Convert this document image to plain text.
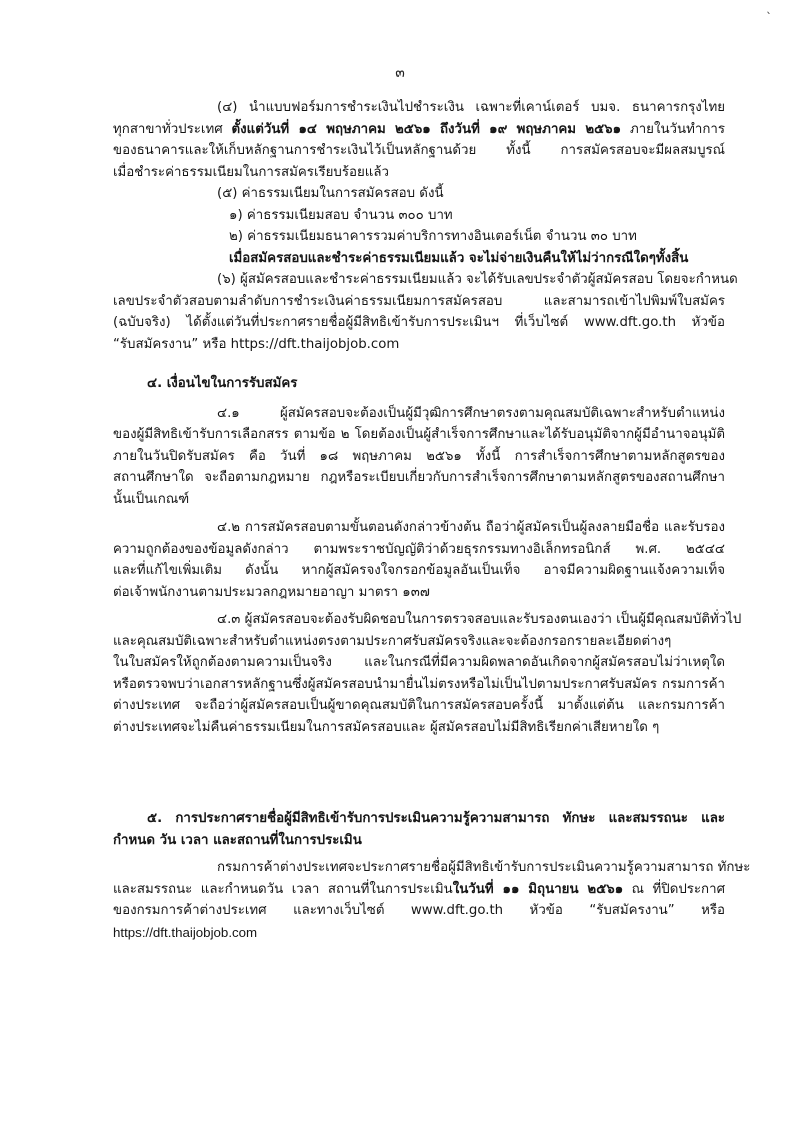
ˎ
๓
(๔) นำแบบฟอร์มการชำระเงินไปชำระเงิน เฉพาะที่เคาน์เตอร์ บมจ. ธนาคารกรุงไทย
ทุกสาขาทั่วประเทศ ตั้งแต่วันที่ ๑๔ พฤษภาคม ๒๕๖๑ ถึงวันที่ ๑๙ พฤษภาคม ๒๕๖๑ ภายในวันทำการ
ของธนาคารและให้เก็บหลักฐานการชำระเงินไว้เป็นหลักฐานด้วย ทั้งนี้ การสมัครสอบจะมีผลสมบูรณ์
เมื่อชำระค่าธรรมเนียมในการสมัครเรียบร้อยแล้ว
(๕) ค่าธรรมเนียมในการสมัครสอบ ดังนี้
๑) ค่าธรรมเนียมสอบ จำนวน ๓๐๐ บาท
๒) ค่าธรรมเนียมธนาคารรวมค่าบริการทางอินเตอร์เน็ต จำนวน ๓๐ บาท
เมื่อสมัครสอบและชำระค่าธรรมเนียมแล้ว จะไม่จ่ายเงินคืนให้ไม่ว่ากรณีใดๆทั้งสิ้น
(๖) ผู้สมัครสอบและชำระค่าธรรมเนียมแล้ว จะได้รับเลขประจำตัวผู้สมัครสอบ โดยจะกำหนด
เลขประจำตัวสอบตามลำดับการชำระเงินค่าธรรมเนียมการสมัครสอบ และสามารถเข้าไปพิมพ์ใบสมัคร
(ฉบับจริง) ได้ตั้งแต่วันที่ประกาศรายชื่อผู้มีสิทธิเข้ารับการประเมินฯ ที่เว็บไซต์ www.dft.go.th หัวข้อ
“รับสมัครงาน” หรือ https://dft.thaijobjob.com
๔. เงื่อนไขในการรับสมัคร
๔.๑ ผู้สมัครสอบจะต้องเป็นผู้มีวุฒิการศึกษาตรงตามคุณสมบัติเฉพาะสำหรับตำแหน่ง
ของผู้มีสิทธิเข้ารับการเลือกสรร ตามข้อ ๒ โดยต้องเป็นผู้สำเร็จการศึกษาและได้รับอนุมัติจากผู้มีอำนาจอนุมัติ
ภายในวันปิดรับสมัคร คือ วันที่ ๑๘ พฤษภาคม ๒๕๖๑ ทั้งนี้ การสำเร็จการศึกษาตามหลักสูตรของ
สถานศึกษาใด จะถือตามกฎหมาย กฎหรือระเบียบเกี่ยวกับการสำเร็จการศึกษาตามหลักสูตรของสถานศึกษา
นั้นเป็นเกณฑ์
๔.๒ การสมัครสอบตามขั้นตอนดังกล่าวข้างต้น ถือว่าผู้สมัครเป็นผู้ลงลายมือชื่อ และรับรอง
ความถูกต้องของข้อมูลดังกล่าว ตามพระราชบัญญัติว่าด้วยธุรกรรมทางอิเล็กทรอนิกส์ พ.ศ. ๒๕๔๔
และที่แก้ไขเพิ่มเติม ดังนั้น หากผู้สมัครจงใจกรอกข้อมูลอันเป็นเท็จ อาจมีความผิดฐานแจ้งความเท็จ
ต่อเจ้าพนักงานตามประมวลกฎหมายอาญา มาตรา ๑๓๗
๔.๓ ผู้สมัครสอบจะต้องรับผิดชอบในการตรวจสอบและรับรองตนเองว่า เป็นผู้มีคุณสมบัติทั่วไป
และคุณสมบัติเฉพาะสำหรับตำแหน่งตรงตามประกาศรับสมัครจริงและจะต้องกรอกรายละเอียดต่างๆ
ในใบสมัครให้ถูกต้องตามความเป็นจริง และในกรณีที่มีความผิดพลาดอันเกิดจากผู้สมัครสอบไม่ว่าเหตุใด
หรือตรวจพบว่าเอกสารหลักฐานซึ่งผู้สมัครสอบนำมายื่นไม่ตรงหรือไม่เป็นไปตามประกาศรับสมัคร กรมการค้า
ต่างประเทศ จะถือว่าผู้สมัครสอบเป็นผู้ขาดคุณสมบัติในการสมัครสอบครั้งนี้ มาตั้งแต่ต้น และกรมการค้า
ต่างประเทศจะไม่คืนค่าธรรมเนียมในการสมัครสอบและ ผู้สมัครสอบไม่มีสิทธิเรียกค่าเสียหายใด ๆ
๕. การประกาศรายชื่อผู้มีสิทธิเข้ารับการประเมินความรู้ความสามารถ ทักษะ และสมรรถนะ และ
กำหนด วัน เวลา และสถานที่ในการประเมิน
กรมการค้าต่างประเทศจะประกาศรายชื่อผู้มีสิทธิเข้ารับการประเมินความรู้ความสามารถ ทักษะ
และสมรรถนะ และกำหนดวัน เวลา สถานที่ในการประเมินในวันที่ ๑๑ มิถุนายน ๒๕๖๑ ณ ที่ปิดประกาศ
ของกรมการค้าต่างประเทศ และทางเว็บไซต์ www.dft.go.th หัวข้อ “รับสมัครงาน” หรือ
https://dft.thaijobjob.com
